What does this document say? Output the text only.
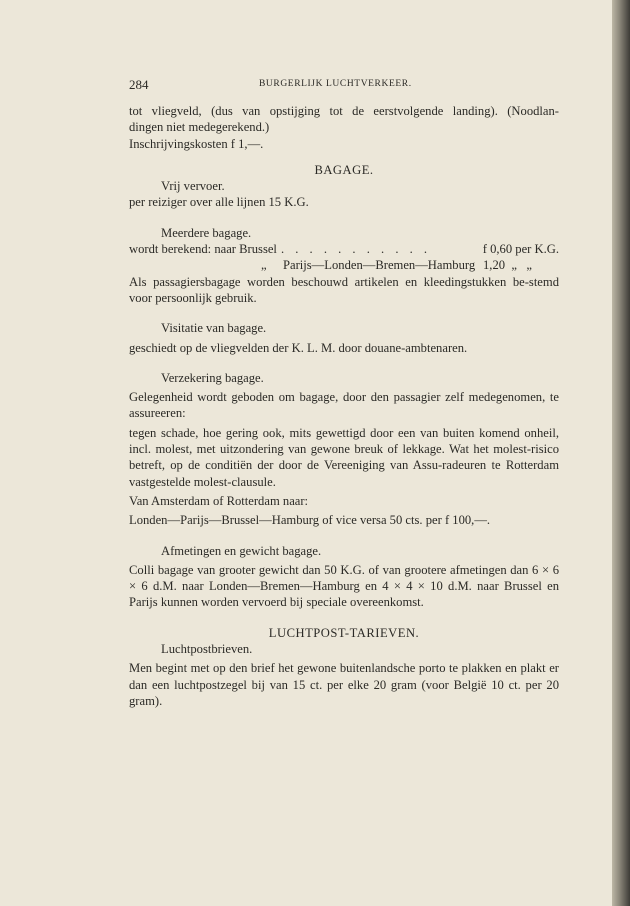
284	BURGERLIJK LUCHTVERKEER.

tot vliegveld, (dus van opstijging tot de eerstvolgende landing). (Noodlan-

dingen niet medegerekend.)

Inschrijvingskosten f 1,—.

BAGAGE.

Vrij vervoer.

per reiziger over alle lijnen 15 K.G.

Meerdere bagage.

wordt berekend: naar Brussel . . . . . . . . . . .	f 0,60 per K.G.
„	Parijs—Londen—Bremen—Hamburg 1,20  „   „

Als passagiersbagage worden beschouwd artikelen en kleedingstukken be-stemd voor persoonlijk gebruik.

Visitatie van bagage.

geschiedt op de vliegvelden der K. L. M. door douane-ambtenaren.

Verzekering bagage.

Gelegenheid wordt geboden om bagage, door den passagier zelf medegenomen, te assureeren:

tegen schade, hoe gering ook, mits gewettigd door een van buiten komend onheil, incl. molest, met uitzondering van gewone breuk of lekkage. Wat het molest-risico betreft, op de conditiën der door de Vereeniging van Assu-radeuren te Rotterdam vastgestelde molest-clausule.

Van Amsterdam of Rotterdam naar:

Londen—Parijs—Brussel—Hamburg of vice versa 50 cts. per f 100,—.

Afmetingen en gewicht bagage.

Colli bagage van grooter gewicht dan 50 K.G. of van grootere afmetingen dan 6 × 6 × 6 d.M. naar Londen—Bremen—Hamburg en 4 × 4 × 10 d.M. naar Brussel en Parijs kunnen worden vervoerd bij speciale overeenkomst.

LUCHTPOST-TARIEVEN.

Luchtpostbrieven.

Men begint met op den brief het gewone buitenlandsche porto te plakken en plakt er dan een luchtpostzegel bij van 15 ct. per elke 20 gram (voor België 10 ct. per 20 gram).
